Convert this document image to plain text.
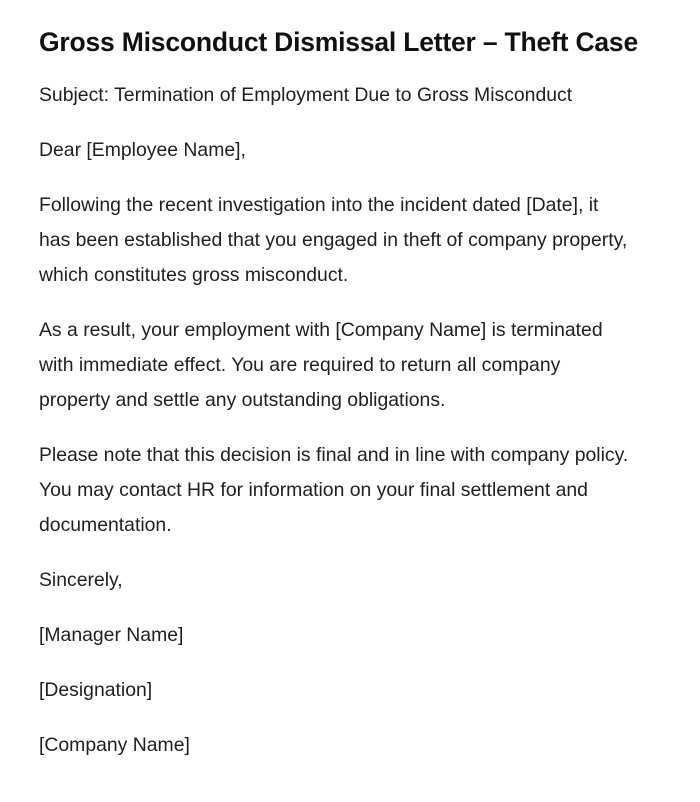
Gross Misconduct Dismissal Letter – Theft Case

Subject: Termination of Employment Due to Gross Misconduct

Dear [Employee Name],

Following the recent investigation into the incident dated [Date], it has been established that you engaged in theft of company property, which constitutes gross misconduct.

As a result, your employment with [Company Name] is terminated with immediate effect. You are required to return all company property and settle any outstanding obligations.

Please note that this decision is final and in line with company policy. You may contact HR for information on your final settlement and documentation.

Sincerely,

[Manager Name]

[Designation]

[Company Name]
